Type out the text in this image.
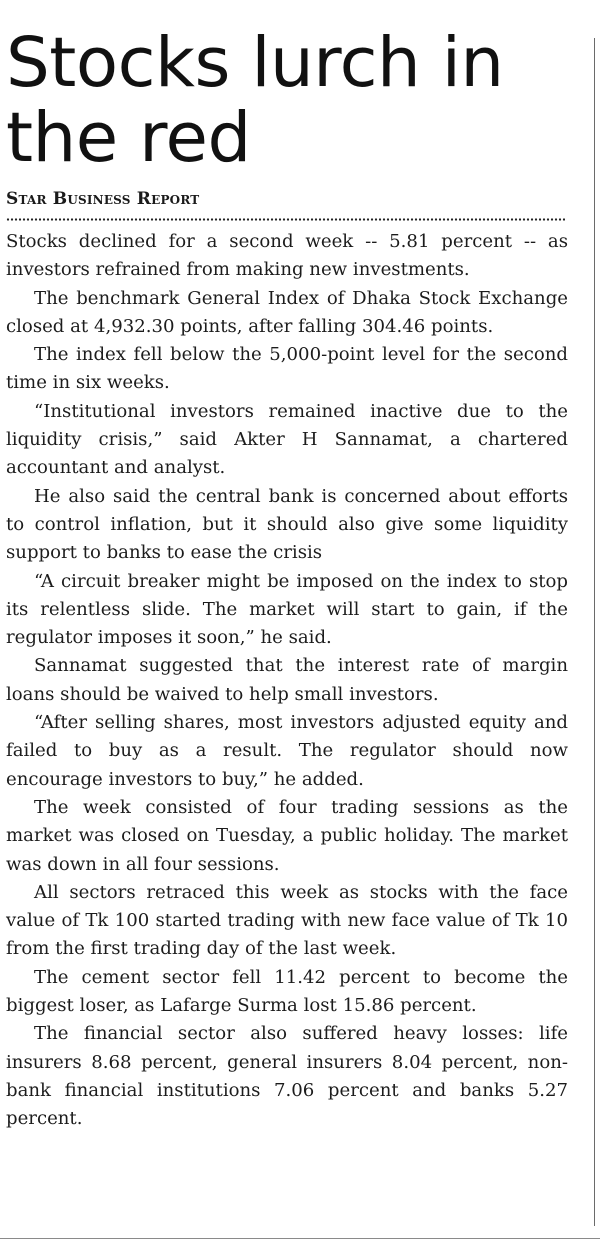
Stocks lurch in the red
Star Business Report

Stocks declined for a second week -- 5.81 percent -- as investors refrained from making new investments.

The benchmark General Index of Dhaka Stock Exchange closed at 4,932.30 points, after falling 304.46 points.

The index fell below the 5,000-point level for the second time in six weeks.

“Institutional investors remained inactive due to the liquidity crisis,” said Akter H Sannamat, a chartered accountant and analyst.

He also said the central bank is concerned about efforts to control inflation, but it should also give some liquidity support to banks to ease the crisis

“A circuit breaker might be imposed on the index to stop its relentless slide. The market will start to gain, if the regulator imposes it soon,” he said.

Sannamat suggested that the interest rate of margin loans should be waived to help small investors.

“After selling shares, most investors adjusted equity and failed to buy as a result. The regulator should now encourage investors to buy,” he added.

The week consisted of four trading sessions as the market was closed on Tuesday, a public holiday. The market was down in all four sessions.

All sectors retraced this week as stocks with the face value of Tk 100 started trading with new face value of Tk 10 from the first trading day of the last week.

The cement sector fell 11.42 percent to become the biggest loser, as Lafarge Surma lost 15.86 percent.

The financial sector also suffered heavy losses: life insurers 8.68 percent, general insurers 8.04 percent, non-bank financial institutions 7.06 percent and banks 5.27 percent.
